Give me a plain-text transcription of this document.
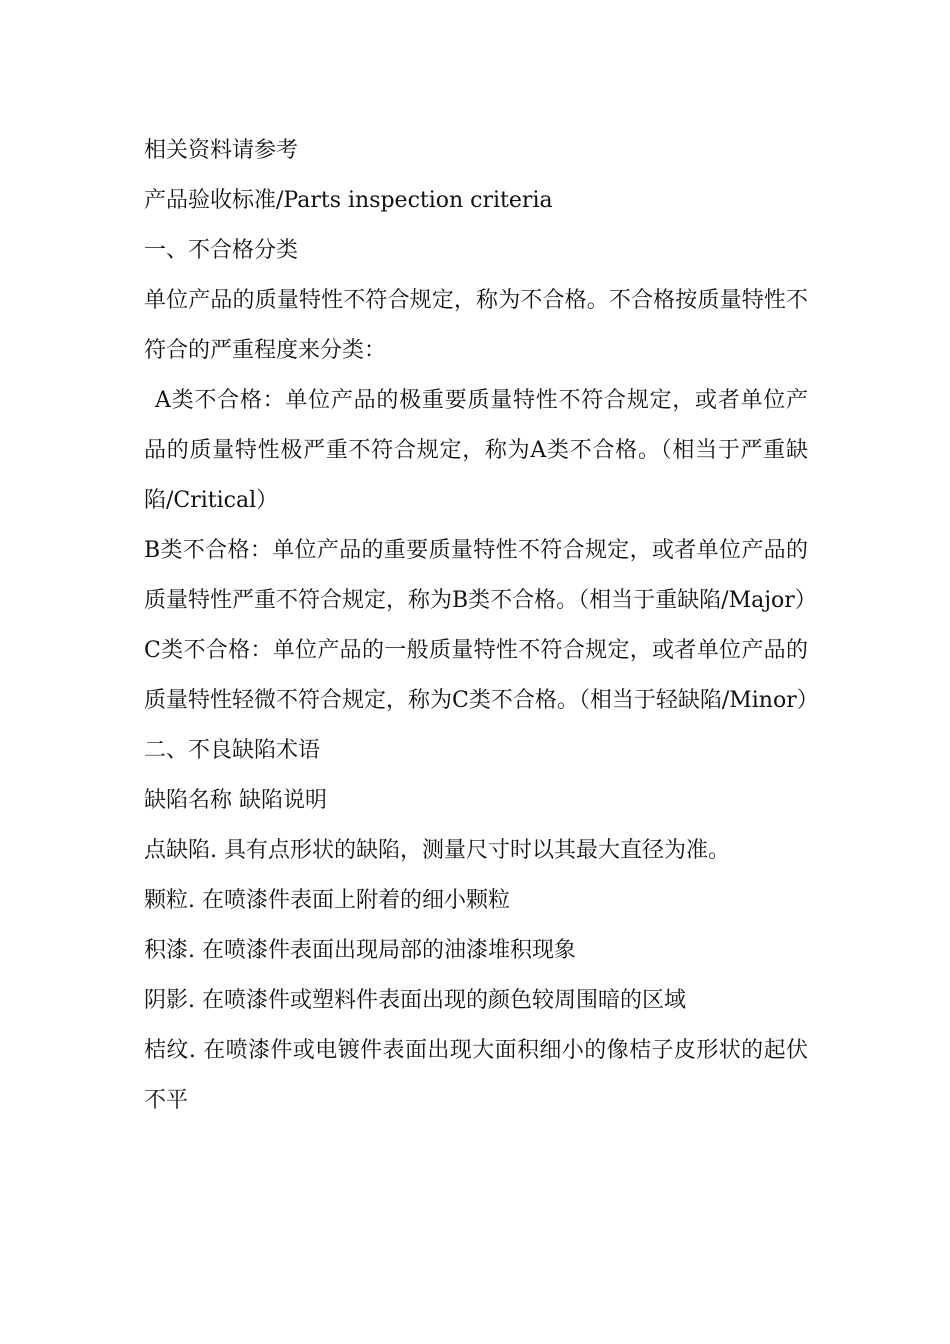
相关资料请参考

产品验收标准/Parts inspection criteria

一、不合格分类

单位产品的质量特性不符合规定，称为不合格。不合格按质量特性不符合的严重程度来分类：

A类不合格：单位产品的极重要质量特性不符合规定，或者单位产品的质量特性极严重不符合规定，称为A类不合格。（相当于严重缺陷/Critical）

B类不合格：单位产品的重要质量特性不符合规定，或者单位产品的质量特性严重不符合规定，称为B类不合格。（相当于重缺陷/Major）

C类不合格：单位产品的一般质量特性不符合规定，或者单位产品的质量特性轻微不符合规定，称为C类不合格。（相当于轻缺陷/Minor）

二、不良缺陷术语

缺陷名称 缺陷说明

点缺陷. 具有点形状的缺陷，测量尺寸时以其最大直径为准。

颗粒. 在喷漆件表面上附着的细小颗粒

积漆. 在喷漆件表面出现局部的油漆堆积现象

阴影. 在喷漆件或塑料件表面出现的颜色较周围暗的区域

桔纹. 在喷漆件或电镀件表面出现大面积细小的像桔子皮形状的起伏不平
